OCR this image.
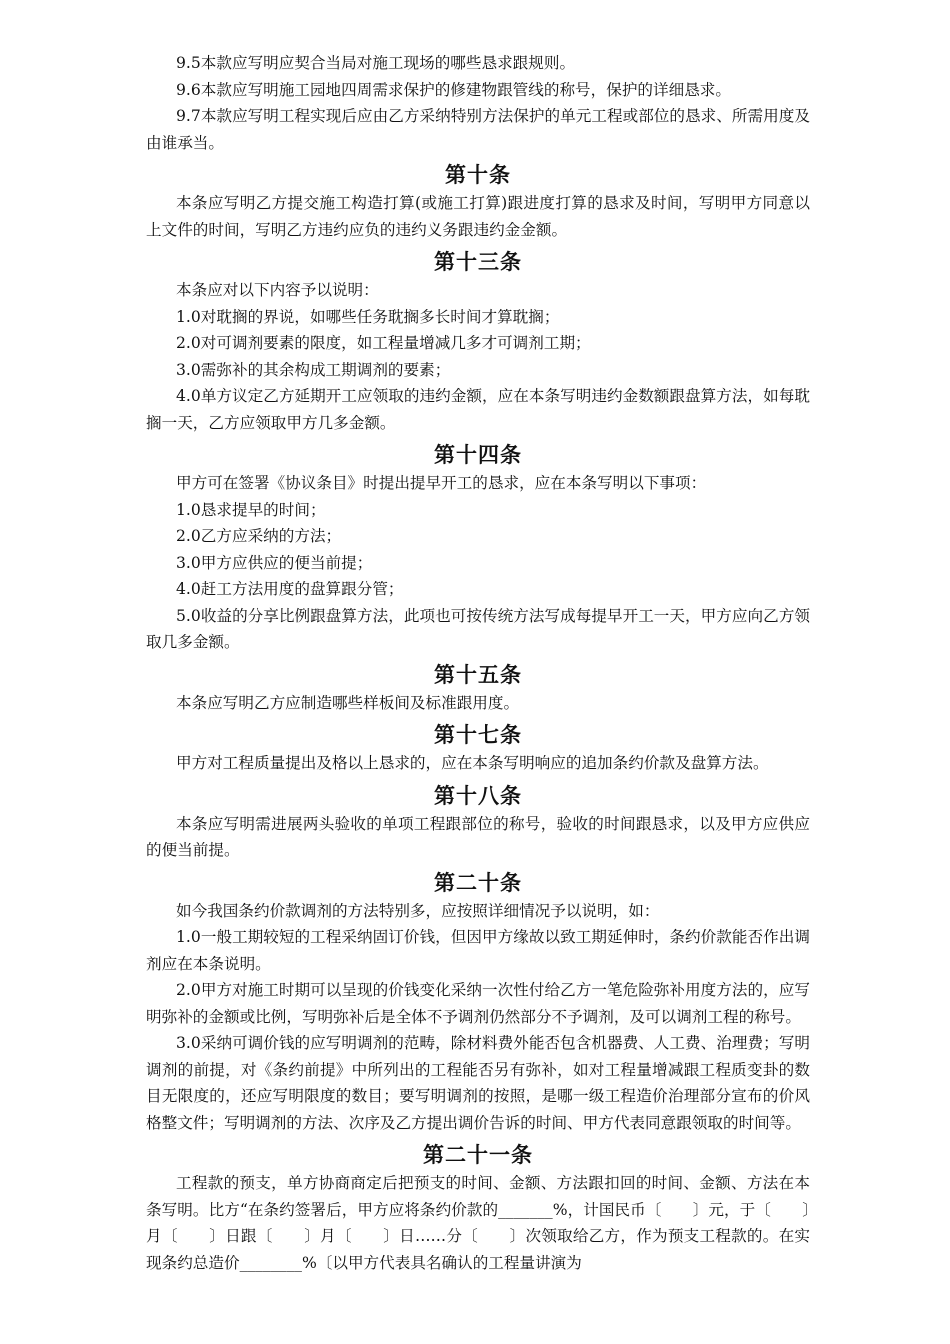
9.5本款应写明应契合当局对施工现场的哪些恳求跟规则。

9.6本款应写明施工园地四周需求保护的修建物跟管线的称号，保护的详细恳求。

9.7本款应写明工程实现后应由乙方采纳特别方法保护的单元工程或部位的恳求、所需用度及由谁承当。

第十条

本条应写明乙方提交施工构造打算(或施工打算)跟进度打算的恳求及时间，写明甲方同意以上文件的时间，写明乙方违约应负的违约义务跟违约金金额。

第十三条

本条应对以下内容予以说明：

1.0对耽搁的界说，如哪些任务耽搁多长时间才算耽搁；

2.0对可调剂要素的限度，如工程量增减几多才可调剂工期；

3.0需弥补的其余构成工期调剂的要素；

4.0单方议定乙方延期开工应领取的违约金额，应在本条写明违约金数额跟盘算方法，如每耽搁一天，乙方应领取甲方几多金额。

第十四条

甲方可在签署《协议条目》时提出提早开工的恳求，应在本条写明以下事项：

1.0恳求提早的时间；

2.0乙方应采纳的方法；

3.0甲方应供应的便当前提；

4.0赶工方法用度的盘算跟分管；

5.0收益的分享比例跟盘算方法，此项也可按传统方法写成每提早开工一天，甲方应向乙方领取几多金额。

第十五条

本条应写明乙方应制造哪些样板间及标准跟用度。

第十七条

甲方对工程质量提出及格以上恳求的，应在本条写明响应的追加条约价款及盘算方法。

第十八条

本条应写明需进展两头验收的单项工程跟部位的称号，验收的时间跟恳求，以及甲方应供应的便当前提。

第二十条

如今我国条约价款调剂的方法特别多，应按照详细情况予以说明，如：

1.0一般工期较短的工程采纳固订价钱，但因甲方缘故以致工期延伸时，条约价款能否作出调剂应在本条说明。

2.0甲方对施工时期可以呈现的价钱变化采纳一次性付给乙方一笔危险弥补用度方法的，应写明弥补的金额或比例，写明弥补后是全体不予调剂仍然部分不予调剂，及可以调剂工程的称号。

3.0采纳可调价钱的应写明调剂的范畴，除材料费外能否包含机器费、人工费、治理费；写明调剂的前提，对《条约前提》中所列出的工程能否另有弥补，如对工程量增减跟工程质变卦的数目无限度的，还应写明限度的数目；要写明调剂的按照，是哪一级工程造价治理部分宣布的价风格整文件；写明调剂的方法、次序及乙方提出调价告诉的时间、甲方代表同意跟领取的时间等。

第二十一条

工程款的预支，单方协商商定后把预支的时间、金额、方法跟扣回的时间、金额、方法在本条写明。比方“在条约签署后，甲方应将条约价款的_______%，计国民币〔　　〕元，于〔　　〕月〔　　〕日跟〔　　〕月〔　　〕日……分〔　　〕次领取给乙方，作为预支工程款的。在实现条约总造价________%〔以甲方代表具名确认的工程量讲演为
